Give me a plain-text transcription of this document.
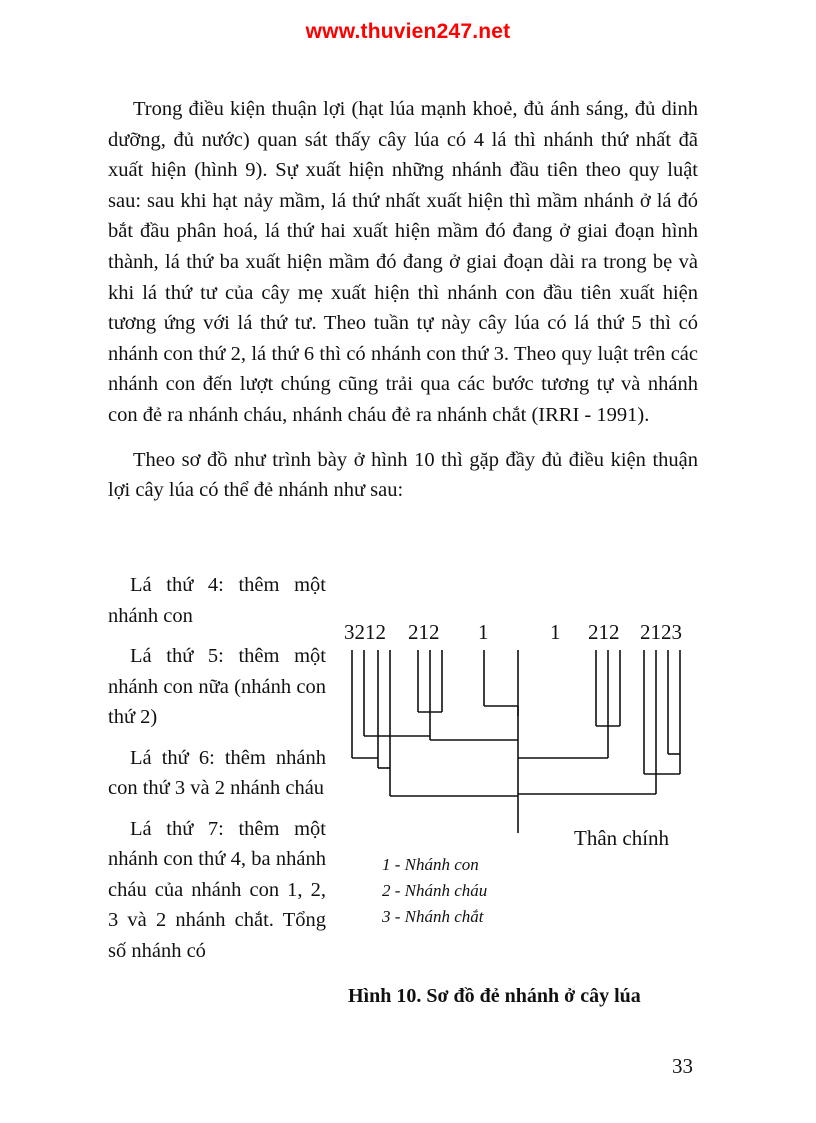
www.thuvien247.net

Trong điều kiện thuận lợi (hạt lúa mạnh khoẻ, đủ ánh sáng, đủ dinh dưỡng, đủ nước) quan sát thấy cây lúa có 4 lá thì nhánh thứ nhất đã xuất hiện (hình 9). Sự xuất hiện những nhánh đầu tiên theo quy luật sau: sau khi hạt nảy mầm, lá thứ nhất xuất hiện thì mầm nhánh ở lá đó bắt đầu phân hoá, lá thứ hai xuất hiện mầm đó đang ở giai đoạn hình thành, lá thứ ba xuất hiện mầm đó đang ở giai đoạn dài ra trong bẹ và khi lá thứ tư của cây mẹ xuất hiện thì nhánh con đầu tiên xuất hiện tương ứng với lá thứ tư. Theo tuần tự này cây lúa có lá thứ 5 thì có nhánh con thứ 2, lá thứ 6 thì có nhánh con thứ 3. Theo quy luật trên các nhánh con đến lượt chúng cũng trải qua các bước tương tự và nhánh con đẻ ra nhánh cháu, nhánh cháu đẻ ra nhánh chắt (IRRI - 1991).

Theo sơ đồ như trình bày ở hình 10 thì gặp đầy đủ điều kiện thuận lợi cây lúa có thể đẻ nhánh như sau:

Lá thứ 4: thêm một nhánh con

Lá thứ 5: thêm một nhánh con nữa (nhánh con thứ 2)

Lá thứ 6: thêm nhánh con thứ 3 và 2 nhánh cháu

Lá thứ 7: thêm một nhánh con thứ 4, ba nhánh cháu của nhánh con 1, 2, 3 và 2 nhánh chắt. Tổng số nhánh có

3212 212 1	1 212 2123
Thân chính
1 - Nhánh con
2 - Nhánh cháu
3 - Nhánh chắt
Hình 10. Sơ đồ đẻ nhánh ở cây lúa
33
